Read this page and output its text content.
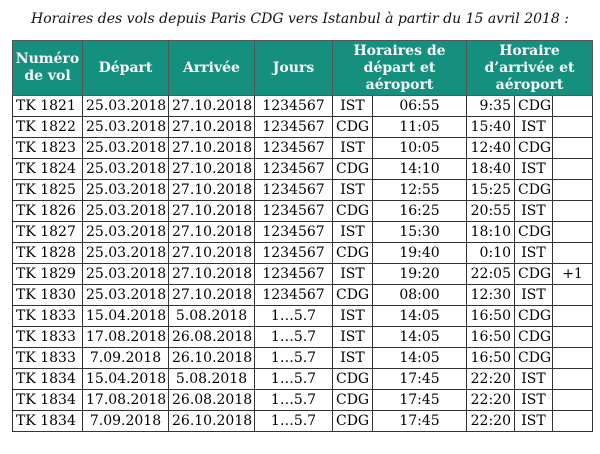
Horaires des vols depuis Paris CDG vers Istanbul à partir du 15 avril 2018 :
Numéro de vol	Départ	Arrivée	Jours	Horaires de départ et aéroport		Horaire d’arrivée et aéroport		
TK 1821	25.03.2018	27.10.2018	1234567	IST	06:55	9:35	CDG	
TK 1822	25.03.2018	27.10.2018	1234567	CDG	11:05	15:40	IST	
TK 1823	25.03.2018	27.10.2018	1234567	IST	10:05	12:40	CDG	
TK 1824	25.03.2018	27.10.2018	1234567	CDG	14:10	18:40	IST	
TK 1825	25.03.2018	27.10.2018	1234567	IST	12:55	15:25	CDG	
TK 1826	25.03.2018	27.10.2018	1234567	CDG	16:25	20:55	IST	
TK 1827	25.03.2018	27.10.2018	1234567	IST	15:30	18:10	CDG	
TK 1828	25.03.2018	27.10.2018	1234567	CDG	19:40	0:10	IST	
TK 1829	25.03.2018	27.10.2018	1234567	IST	19:20	22:05	CDG	+1
TK 1830	25.03.2018	27.10.2018	1234567	CDG	08:00	12:30	IST	
TK 1833	15.04.2018	5.08.2018	1…5.7	IST	14:05	16:50	CDG	
TK 1833	17.08.2018	26.08.2018	1…5.7	IST	14:05	16:50	CDG	
TK 1833	7.09.2018	26.10.2018	1…5.7	IST	14:05	16:50	CDG	
TK 1834	15.04.2018	5.08.2018	1…5.7	CDG	17:45	22:20	IST	
TK 1834	17.08.2018	26.08.2018	1…5.7	CDG	17:45	22:20	IST	
TK 1834	7.09.2018	26.10.2018	1…5.7	CDG	17:45	22:20	IST	
